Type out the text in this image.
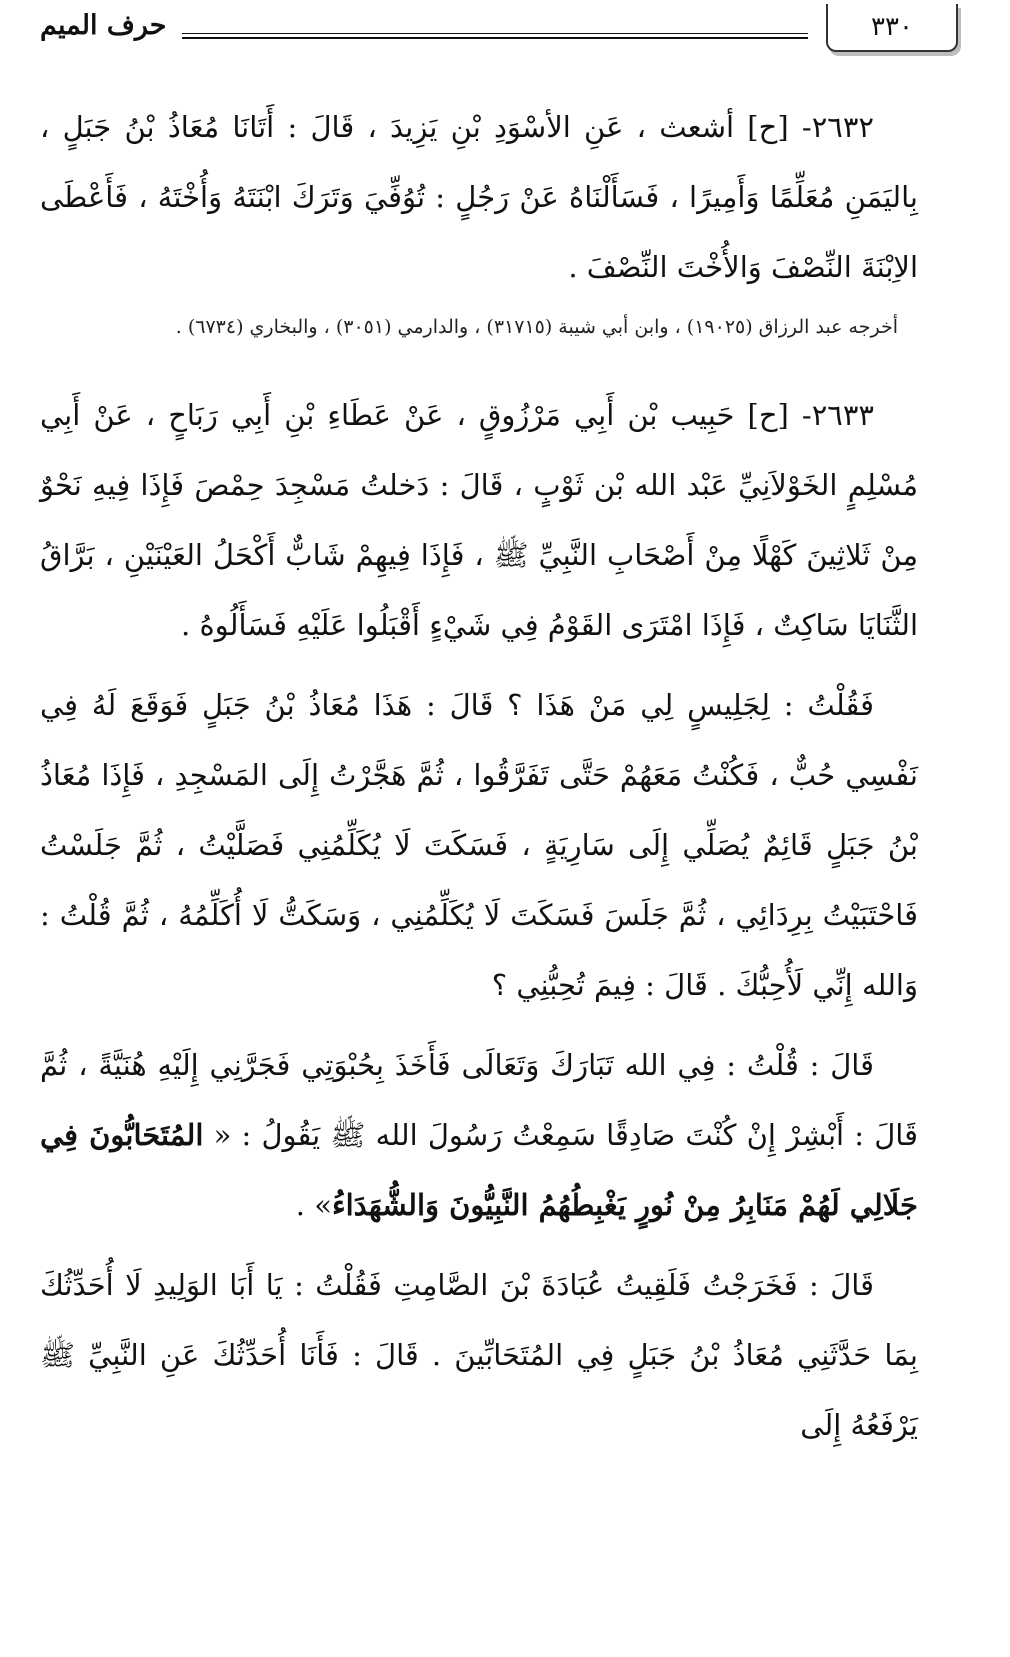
٣٣٠
حرف الميم

٢٦٣٢- [ح] أشعث ، عَنِ الأسْوَدِ بْنِ يَزِيدَ ، قَالَ : أَتَانَا مُعَاذُ بْنُ جَبَلٍ ، بِاليَمَنِ مُعَلِّمًا وَأَمِيرًا ، فَسَأَلْنَاهُ عَنْ رَجُلٍ : تُوُفِّيَ وَتَرَكَ ابْنَتَهُ وَأُخْتَهُ ، فَأَعْطَى الاِبْنَةَ النِّصْفَ وَالأُخْتَ النِّصْفَ .

أخرجه عبد الرزاق (١٩٠٢٥) ، وابن أبي شيبة (٣١٧١٥) ، والدارمي (٣٠٥١) ، والبخاري (٦٧٣٤) .

٢٦٣٣- [ح] حَبِيب بْن أَبِي مَرْزُوقٍ ، عَنْ عَطَاءِ بْنِ أَبِي رَبَاحٍ ، عَنْ أَبِي مُسْلِمٍ الخَوْلاَنِيِّ عَبْد الله بْن ثَوْبٍ ، قَالَ : دَخلتُ مَسْجِدَ حِمْصَ فَإِذَا فِيهِ نَحْوٌ مِنْ ثَلاثِينَ كَهْلًا مِنْ أَصْحَابِ النَّبِيِّ ﷺ ، فَإِذَا فِيهِمْ شَابٌّ أَكْحَلُ العَيْنَيْنِ ، بَرَّاقُ الثَّنَايَا سَاكِتٌ ، فَإِذَا امْتَرَى القَوْمُ فِي شَيْءٍ أَقْبَلُوا عَلَيْهِ فَسَأَلُوهُ .

فَقُلْتُ : لِجَلِيسٍ لِي مَنْ هَذَا ؟ قَالَ : هَذَا مُعَاذُ بْنُ جَبَلٍ فَوَقَعَ لَهُ فِي نَفْسِي حُبٌّ ، فَكُنْتُ مَعَهُمْ حَتَّى تَفَرَّقُوا ، ثُمَّ هَجَّرْتُ إِلَى المَسْجِدِ ، فَإِذَا مُعَاذُ بْنُ جَبَلٍ قَائِمٌ يُصَلِّي إِلَى سَارِيَةٍ ، فَسَكَتَ لَا يُكَلِّمُنِي فَصَلَّيْتُ ، ثُمَّ جَلَسْتُ فَاحْتَبَيْتُ بِرِدَائِي ، ثُمَّ جَلَسَ فَسَكَتَ لَا يُكَلِّمُنِي ، وَسَكَتُّ لَا أُكَلِّمُهُ ، ثُمَّ قُلْتُ : وَالله إِنِّي لَأُحِبُّكَ . قَالَ : فِيمَ تُحِبُّنِي ؟

قَالَ : قُلْتُ : فِي الله تَبَارَكَ وَتَعَالَى فَأَخَذَ بِحُبْوَتِي فَجَرَّنِي إِلَيْهِ هُنَيَّةً ، ثُمَّ قَالَ : أَبْشِرْ إِنْ كُنْتَ صَادِقًا سَمِعْتُ رَسُولَ الله ﷺ يَقُولُ : « المُتَحَابُّونَ فِي جَلَالِي لَهُمْ مَنَابِرُ مِنْ نُورٍ يَغْبِطُهُمُ النَّبِيُّونَ وَالشُّهَدَاءُ» .

قَالَ : فَخَرَجْتُ فَلَقِيتُ عُبَادَةَ بْنَ الصَّامِتِ فَقُلْتُ : يَا أَبَا الوَلِيدِ لَا أُحَدِّثُكَ بِمَا حَدَّثَنِي مُعَاذُ بْنُ جَبَلٍ فِي المُتَحَابِّينَ . قَالَ : فَأَنَا أُحَدِّثُكَ عَنِ النَّبِيِّ ﷺ يَرْفَعُهُ إِلَى
